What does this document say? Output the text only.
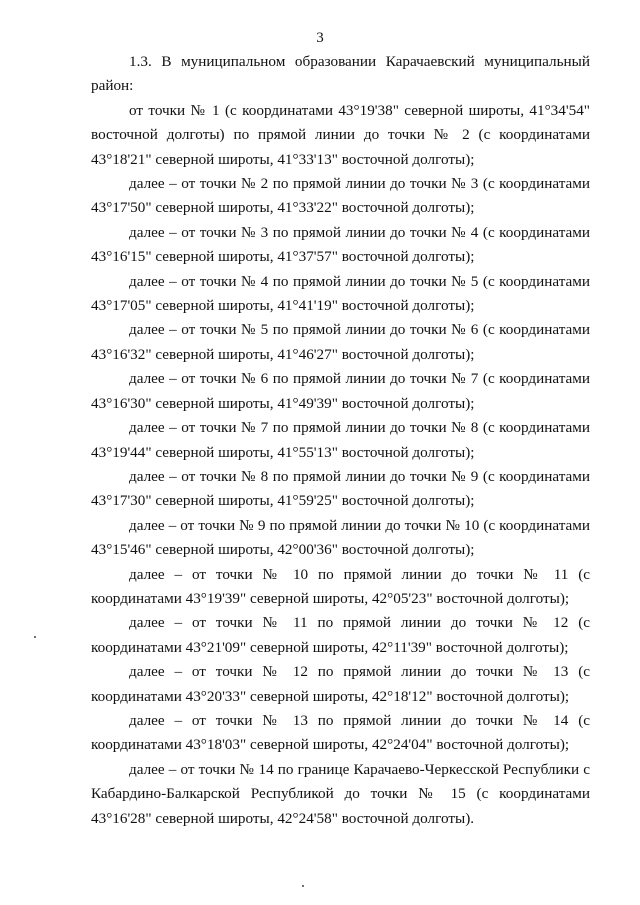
3

1.3. В муниципальном образовании Карачаевский муниципальный район:

от точки № 1 (с координатами 43°19'38" северной широты, 41°34'54" восточной долготы) по прямой линии до точки № 2 (с координатами 43°18'21" северной широты, 41°33'13" восточной долготы);

далее – от точки № 2 по прямой линии до точки № 3 (с координатами 43°17'50" северной широты, 41°33'22" восточной долготы);

далее – от точки № 3 по прямой линии до точки № 4 (с координатами 43°16'15" северной широты, 41°37'57" восточной долготы);

далее – от точки № 4 по прямой линии до точки № 5 (с координатами 43°17'05" северной широты, 41°41'19" восточной долготы);

далее – от точки № 5 по прямой линии до точки № 6 (с координатами 43°16'32" северной широты, 41°46'27" восточной долготы);

далее – от точки № 6 по прямой линии до точки № 7 (с координатами 43°16'30" северной широты, 41°49'39" восточной долготы);

далее – от точки № 7 по прямой линии до точки № 8 (с координатами 43°19'44" северной широты, 41°55'13" восточной долготы);

далее – от точки № 8 по прямой линии до точки № 9 (с координатами 43°17'30" северной широты, 41°59'25" восточной долготы);

далее – от точки № 9 по прямой линии до точки № 10 (с координатами 43°15'46" северной широты, 42°00'36" восточной долготы);

далее – от точки № 10 по прямой линии до точки № 11 (с координатами 43°19'39" северной широты, 42°05'23" восточной долготы);

далее – от точки № 11 по прямой линии до точки № 12 (с координатами 43°21'09" северной широты, 42°11'39" восточной долготы);

далее – от точки № 12 по прямой линии до точки № 13 (с координатами 43°20'33" северной широты, 42°18'12" восточной долготы);

далее – от точки № 13 по прямой линии до точки № 14 (с координатами 43°18'03" северной широты, 42°24'04" восточной долготы);

далее – от точки № 14 по границе Карачаево-Черкесской Республики с Кабардино-Балкарской Республикой до точки № 15 (с координатами 43°16'28" северной широты, 42°24'58" восточной долготы).
